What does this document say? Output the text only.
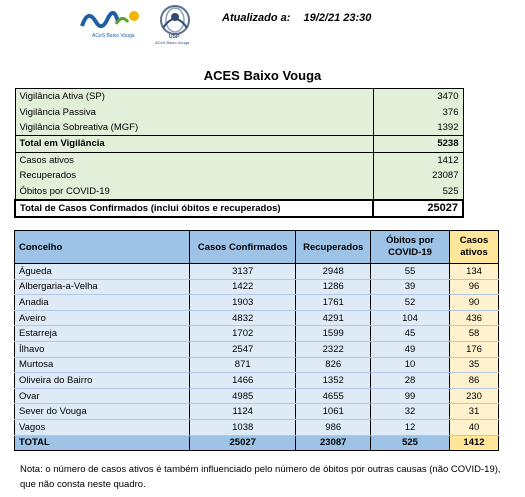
ACeS Baixo Vouga	USP
ACeS Baixo Vouga
Atualizado a: 19/2/21 23:30
ACES Baixo Vouga
Vigilância Ativa (SP)	3470
Vigilância Passiva	376
Vigilância Sobreativa (MGF)	1392
Total em Vigilância	5238
Casos ativos	1412
Recuperados	23087
Óbitos por COVID-19	525
Total de Casos Confirmados (inclui óbitos e recuperados)	25027
Concelho	Casos Confirmados	Recuperados	Óbitos por COVID-19	Casos ativos
Águeda	3137	2948	55	134
Albergaria-a-Velha	1422	1286	39	96
Anadia	1903	1761	52	90
Aveiro	4832	4291	104	436
Estarreja	1702	1599	45	58
Ílhavo	2547	2322	49	176
Murtosa	871	826	10	35
Oliveira do Bairro	1466	1352	28	86
Ovar	4985	4655	99	230
Sever do Vouga	1124	1061	32	31
Vagos	1038	986	12	40
TOTAL	25027	23087	525	1412
Nota: o número de casos ativos é também influenciado pelo número de óbitos por outras causas (não COVID-19), que não consta neste quadro.
